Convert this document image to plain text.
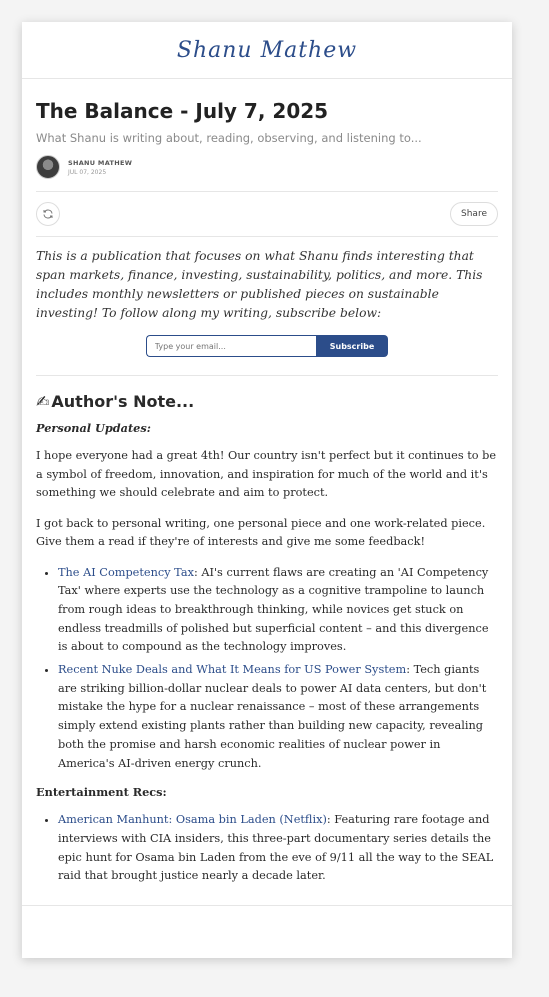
Shanu Mathew
The Balance - July 7, 2025
What Shanu is writing about, reading, observing, and listening to...
SHANU MATHEW
JUL 07, 2025
Share
This is a publication that focuses on what Shanu finds interesting that span markets, finance, investing, sustainability, politics, and more. This includes monthly newsletters or published pieces on sustainable investing! To follow along my writing, subscribe below:
Type your email...
Subscribe
✍ Author's Note...
Personal Updates:

I hope everyone had a great 4th! Our country isn't perfect but it continues to be a symbol of freedom, innovation, and inspiration for much of the world and it's something we should celebrate and aim to protect.

I got back to personal writing, one personal piece and one work-related piece. Give them a read if they're of interests and give me some feedback!

• The AI Competency Tax: AI's current flaws are creating an 'AI Competency Tax' where experts use the technology as a cognitive trampoline to launch from rough ideas to breakthrough thinking, while novices get stuck on endless treadmills of polished but superficial content – and this divergence is about to compound as the technology improves.
• Recent Nuke Deals and What It Means for US Power System: Tech giants are striking billion-dollar nuclear deals to power AI data centers, but don't mistake the hype for a nuclear renaissance – most of these arrangements simply extend existing plants rather than building new capacity, revealing both the promise and harsh economic realities of nuclear power in America's AI-driven energy crunch.
Entertainment Recs:
• American Manhunt: Osama bin Laden (Netflix): Featuring rare footage and interviews with CIA insiders, this three-part documentary series details the epic hunt for Osama bin Laden from the eve of 9/11 all the way to the SEAL raid that brought justice nearly a decade later.
